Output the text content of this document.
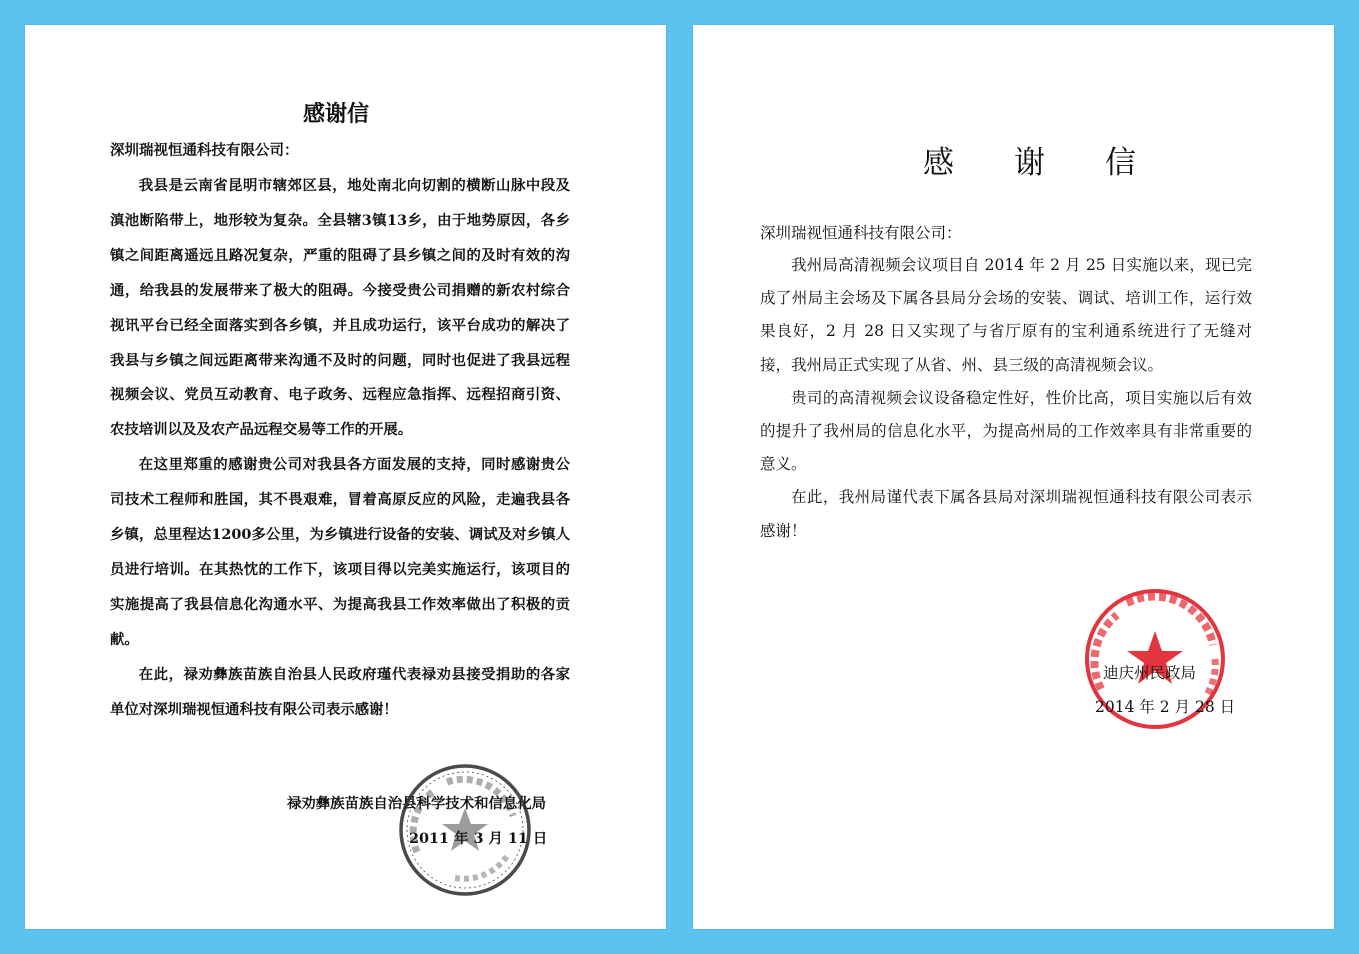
感谢信
深圳瑞视恒通科技有限公司：

我县是云南省昆明市辖郊区县，地处南北向切割的横断山脉中段及滇池断陷带上，地形较为复杂。全县辖3镇13乡，由于地势原因，各乡镇之间距离遥远且路况复杂，严重的阻碍了县乡镇之间的及时有效的沟通，给我县的发展带来了极大的阻碍。今接受贵公司捐赠的新农村综合视讯平台已经全面落实到各乡镇，并且成功运行，该平台成功的解决了我县与乡镇之间远距离带来沟通不及时的问题，同时也促进了我县远程视频会议、党员互动教育、电子政务、远程应急指挥、远程招商引资、农技培训以及及农产品远程交易等工作的开展。

在这里郑重的感谢贵公司对我县各方面发展的支持，同时感谢贵公司技术工程师和胜国，其不畏艰难，冒着高原反应的风险，走遍我县各乡镇，总里程达1200多公里，为乡镇进行设备的安装、调试及对乡镇人员进行培训。在其热忱的工作下，该项目得以完美实施运行，该项目的实施提高了我县信息化沟通水平、为提高我县工作效率做出了积极的贡献。

在此，禄劝彝族苗族自治县人民政府瑾代表禄劝县接受捐助的各家单位对深圳瑞视恒通科技有限公司表示感谢！

禄劝彝族苗族自治县科学技术和信息化局
2011 年 3 月 11 日
感谢信
深圳瑞视恒通科技有限公司：

我州局高清视频会议项目自 2014 年 2 月 25 日实施以来，现已完成了州局主会场及下属各县局分会场的安装、调试、培训工作，运行效果良好，2 月 28 日又实现了与省厅原有的宝利通系统进行了无缝对接，我州局正式实现了从省、州、县三级的高清视频会议。

贵司的高清视频会议设备稳定性好，性价比高，项目实施以后有效的提升了我州局的信息化水平，为提高州局的工作效率具有非常重要的意义。

在此，我州局谨代表下属各县局对深圳瑞视恒通科技有限公司表示感谢！

迪庆州民政局
2014 年 2 月 28 日
